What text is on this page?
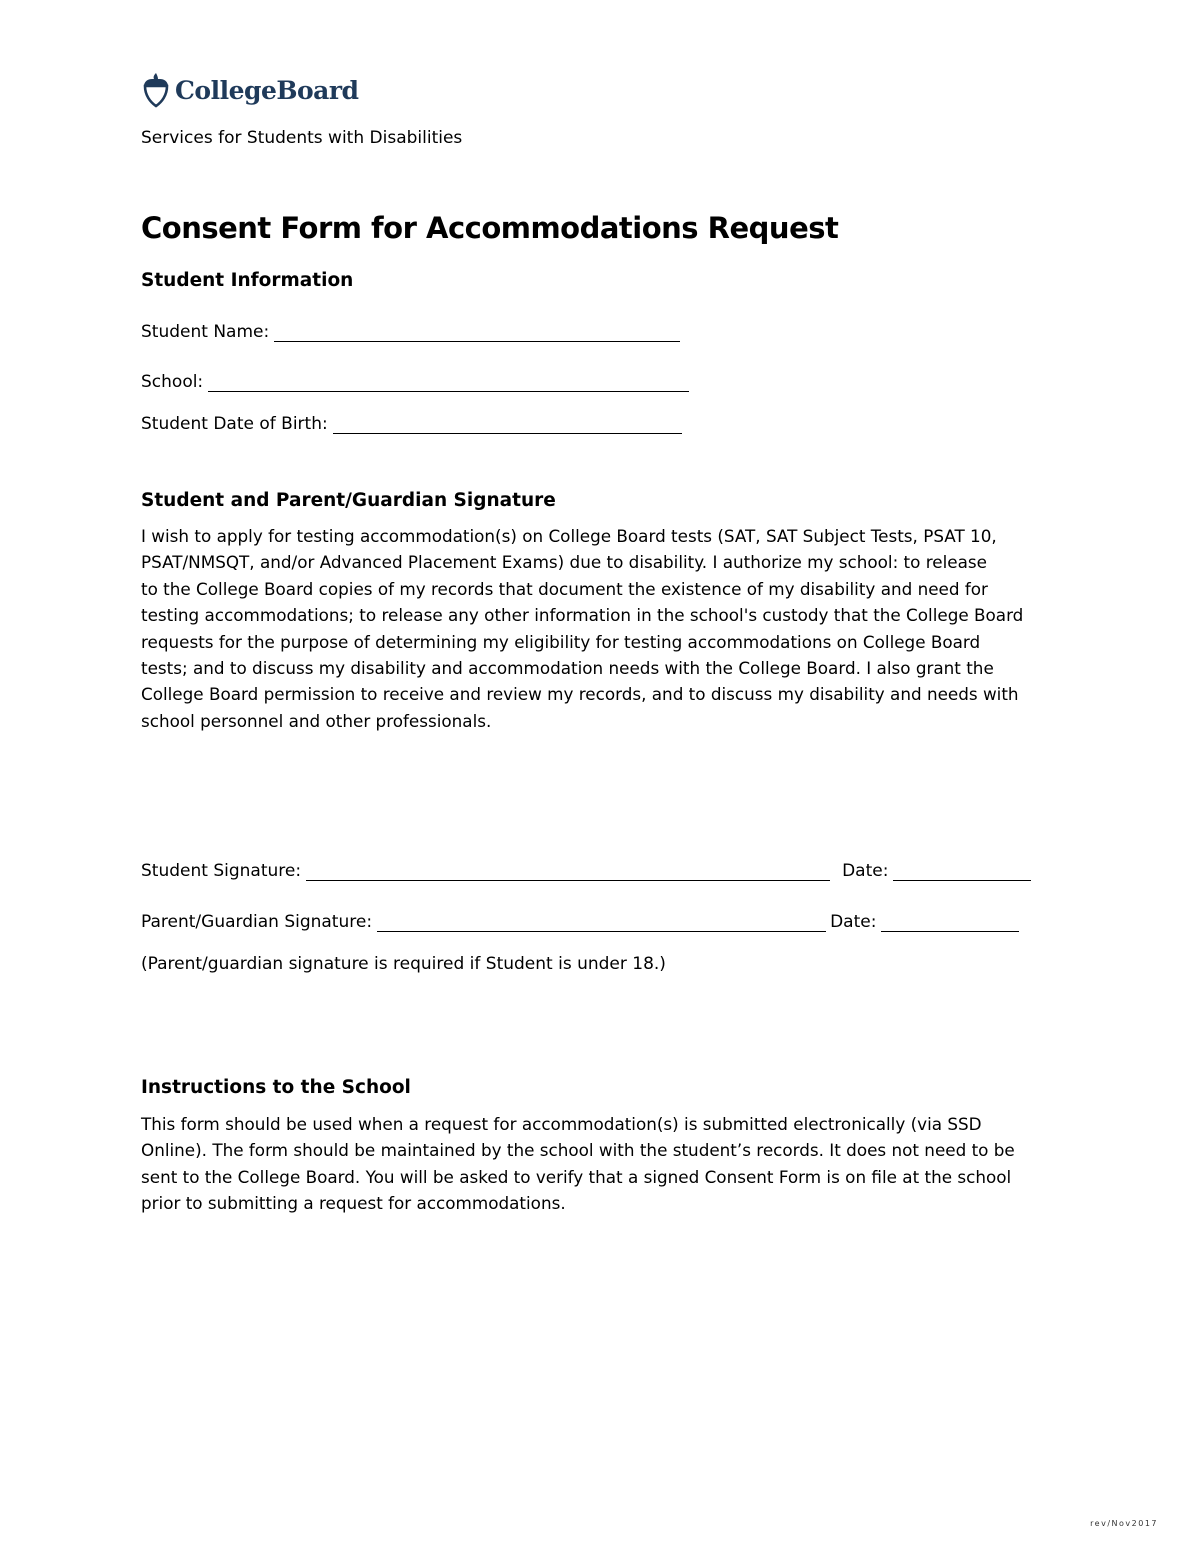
CollegeBoard
Services for Students with Disabilities
Consent Form for Accommodations Request
Student Information
Student Name:
School:
Student Date of Birth:
Student and Parent/Guardian Signature
I wish to apply for testing accommodation(s) on College Board tests (SAT, SAT Subject Tests, PSAT 10,
PSAT/NMSQT, and/or Advanced Placement Exams) due to disability. I authorize my school: to release
to the College Board copies of my records that document the existence of my disability and need for
testing accommodations; to release any other information in the school's custody that the College Board
requests for the purpose of determining my eligibility for testing accommodations on College Board
tests; and to discuss my disability and accommodation needs with the College Board. I also grant the
College Board permission to receive and review my records, and to discuss my disability and needs with
school personnel and other professionals.
Student Signature:	Date:
Parent/Guardian Signature:	Date:
(Parent/guardian signature is required if Student is under 18.)
Instructions to the School
This form should be used when a request for accommodation(s) is submitted electronically (via SSD
Online). The form should be maintained by the school with the student’s records. It does not need to be
sent to the College Board. You will be asked to verify that a signed Consent Form is on file at the school
prior to submitting a request for accommodations.
rev/Nov2017
